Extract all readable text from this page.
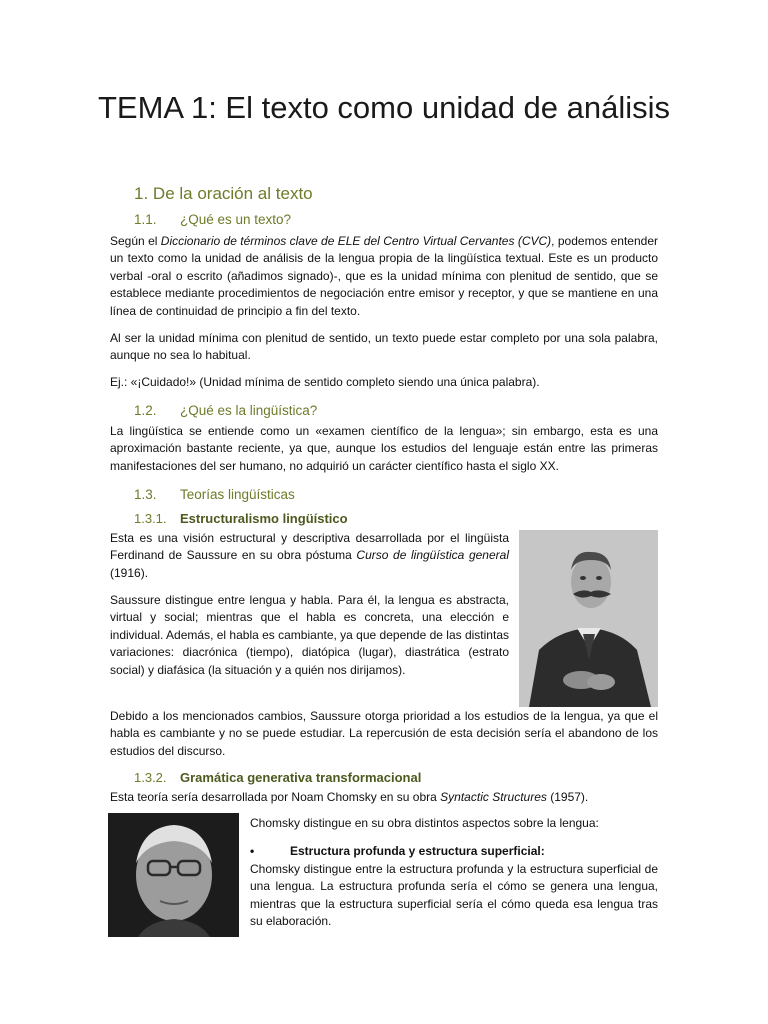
TEMA 1: El texto como unidad de análisis
1. De la oración al texto
1.1. ¿Qué es un texto?

Según el Diccionario de términos clave de ELE del Centro Virtual Cervantes (CVC), podemos entender un texto como la unidad de análisis de la lengua propia de la lingüística textual. Este es un producto verbal -oral o escrito (añadimos signado)-, que es la unidad mínima con plenitud de sentido, que se establece mediante procedimientos de negociación entre emisor y receptor, y que se mantiene en una línea de continuidad de principio a fin del texto.

Al ser la unidad mínima con plenitud de sentido, un texto puede estar completo por una sola palabra, aunque no sea lo habitual.

Ej.: «¡Cuidado!» (Unidad mínima de sentido completo siendo una única palabra).

1.2. ¿Qué es la lingüística?

La lingüística se entiende como un «examen científico de la lengua»; sin embargo, esta es una aproximación bastante reciente, ya que, aunque los estudios del lenguaje están entre las primeras manifestaciones del ser humano, no adquirió un carácter científico hasta el siglo XX.

1.3. Teorías lingüísticas
1.3.1. Estructuralismo lingüístico

Esta es una visión estructural y descriptiva desarrollada por el lingüista Ferdinand de Saussure en su obra póstuma Curso de lingüística general (1916).

Saussure distingue entre lengua y habla. Para él, la lengua es abstracta, virtual y social; mientras que el habla es concreta, una elección e individual. Además, el habla es cambiante, ya que depende de las distintas variaciones: diacrónica (tiempo), diatópica (lugar), diastrática (estrato social) y diafásica (la situación y a quién nos dirijamos).

Debido a los mencionados cambios, Saussure otorga prioridad a los estudios de la lengua, ya que el habla es cambiante y no se puede estudiar. La repercusión de esta decisión sería el abandono de los estudios del discurso.

1.3.2. Gramática generativa transformacional

Esta teoría sería desarrollada por Noam Chomsky en su obra Syntactic Structures (1957).

Chomsky distingue en su obra distintos aspectos sobre la lengua:

•	Estructura profunda y estructura superficial:

Chomsky distingue entre la estructura profunda y la estructura superficial de una lengua. La estructura profunda sería el cómo se genera una lengua, mientras que la estructura superficial sería el cómo queda esa lengua tras su elaboración.
